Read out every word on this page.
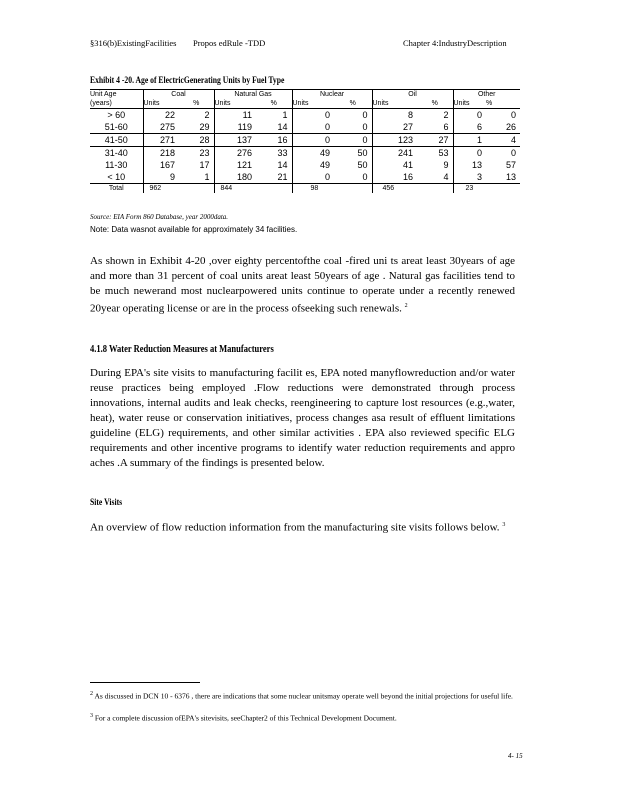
§316(b)ExistingFacilities Propos edRule -TDD	Chapter 4:IndustryDescription
Exhibit 4 -20. Age of ElectricGenerating Units by Fuel Type
Unit Age	Coal		Natural Gas		Nuclear		Oil		Other	
(years)	Units	%	Units	%	Units	%	Units	%	Units	%
> 60	22	2	11	1	0	0	8	2	0	0
51-60	275	29	119	14	0	0	27	6	6	26
41-50	271	28	137	16	0	0	123	27	1	4
31-40	218	23	276	33	49	50	241	53	0	0
11-30	167	17	121	14	49	50	41	9	13	57
< 10	9	1	180	21	0	0	16	4	3	13
Total	962		844		98		456		23	
Source: EIA Form 860 Database, year 2000data.
Note: Data wasnot available for approximately 34 facilities.
As shown in Exhibit 4-20 ,over eighty percentofthe coal -fired uni ts areat least 30years of age and more than 31 percent of coal units areat least 50years of age . Natural gas facilities tend to be much newerand most nuclearpowered units continue to operate under a recently renewed 20year operating license or are in the process ofseeking such renewals. $^2$
4.1.8 Water Reduction Measures at Manufacturers
During EPA's site visits to manufacturing facilit es, EPA noted manyflowreduction and/or water reuse practices being employed .Flow reductions were demonstrated through process innovations, internal audits and leak checks, reengineering to capture lost resources (e.g.,water, heat), water reuse or conservation initiatives, process changes asa result of effluent limitations guideline (ELG) requirements, and other similar activities . EPA also reviewed specific ELG requirements and other incentive programs to identify water reduction requirements and appro aches .A summary of the findings is presented below.
Site Visits
An overview of flow reduction information from the manufacturing site visits follows below. $^3$
$^2$ As discussed in DCN 10 - 6376 , there are indications that some nuclear unitsmay operate well beyond the initial projections for useful life.
$^3$ For a complete discussion ofEPA's sitevisits, seeChapter2 of this Technical Development Document.
4- 15
